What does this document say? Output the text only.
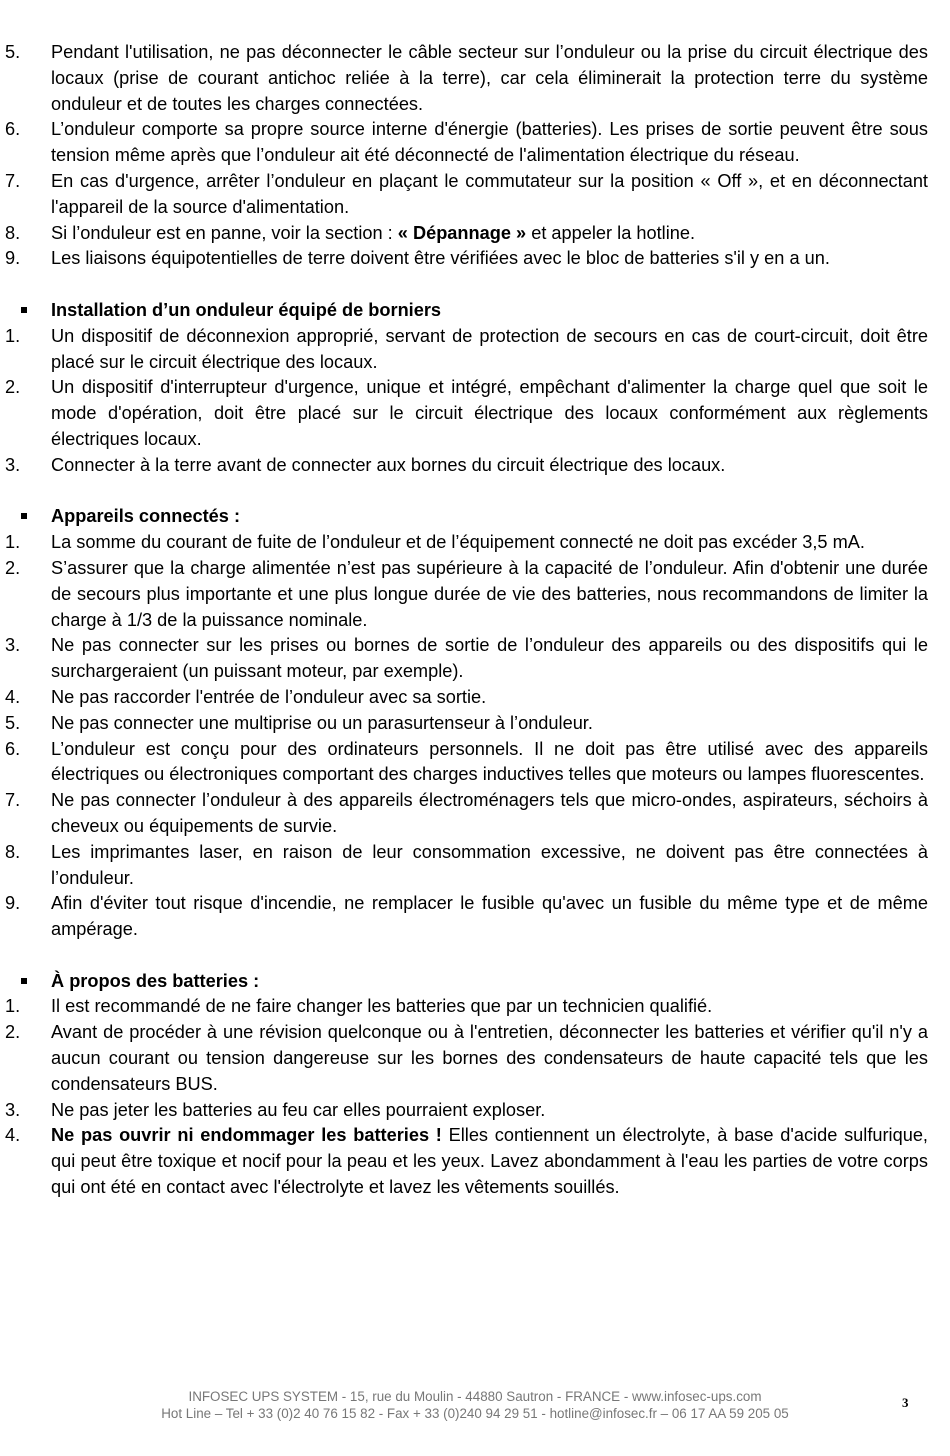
5. Pendant l'utilisation, ne pas déconnecter le câble secteur sur l’onduleur ou la prise du circuit électrique des locaux (prise de courant antichoc reliée à la terre), car cela éliminerait la protection terre du système onduleur et de toutes les charges connectées.
6. L’onduleur comporte sa propre source interne d'énergie (batteries). Les prises de sortie peuvent être sous tension même après que l’onduleur ait été déconnecté de l'alimentation électrique du réseau.
7. En cas d'urgence, arrêter l’onduleur en plaçant le commutateur sur la position « Off », et en déconnectant l'appareil de la source d'alimentation.
8. Si l’onduleur est en panne, voir la section : « Dépannage » et appeler la hotline.
9. Les liaisons équipotentielles de terre doivent être vérifiées avec le bloc de batteries s'il y en a un.
Installation d’un onduleur équipé de borniers
1. Un dispositif de déconnexion approprié, servant de protection de secours en cas de court-circuit, doit être placé sur le circuit électrique des locaux.
2. Un dispositif d'interrupteur d'urgence, unique et intégré, empêchant d'alimenter la charge quel que soit le mode d'opération, doit être placé sur le circuit électrique des locaux conformément aux règlements électriques locaux.
3. Connecter à la terre avant de connecter aux bornes du circuit électrique des locaux.
Appareils connectés :
1. La somme du courant de fuite de l’onduleur et de l’équipement connecté ne doit pas excéder 3,5 mA.
2. S’assurer que la charge alimentée n’est pas supérieure à la capacité de l’onduleur. Afin d'obtenir une durée de secours plus importante et une plus longue durée de vie des batteries, nous recommandons de limiter la charge à 1/3 de la puissance nominale.
3. Ne pas connecter sur les prises ou bornes de sortie de l’onduleur des appareils ou des dispositifs qui le surchargeraient (un puissant moteur, par exemple).
4. Ne pas raccorder l'entrée de l’onduleur avec sa sortie.
5. Ne pas connecter une multiprise ou un parasurtenseur à l’onduleur.
6. L’onduleur est conçu pour des ordinateurs personnels. Il ne doit pas être utilisé avec des appareils électriques ou électroniques comportant des charges inductives telles que moteurs ou lampes fluorescentes.
7. Ne pas connecter l’onduleur à des appareils électroménagers tels que micro-ondes, aspirateurs, séchoirs à cheveux ou équipements de survie.
8. Les imprimantes laser, en raison de leur consommation excessive, ne doivent pas être connectées à l’onduleur.
9. Afin d'éviter tout risque d'incendie, ne remplacer le fusible qu'avec un fusible du même type et de même ampérage.
À propos des batteries :
1. Il est recommandé de ne faire changer les batteries que par un technicien qualifié.
2. Avant de procéder à une révision quelconque ou à l'entretien, déconnecter les batteries et vérifier qu'il n'y a aucun courant ou tension dangereuse sur les bornes des condensateurs de haute capacité tels que les condensateurs BUS.
3. Ne pas jeter les batteries au feu car elles pourraient exploser.
4. Ne pas ouvrir ni endommager les batteries ! Elles contiennent un électrolyte, à base d'acide sulfurique, qui peut être toxique et nocif pour la peau et les yeux. Lavez abondamment à l'eau les parties de votre corps qui ont été en contact avec l'électrolyte et lavez les vêtements souillés.
INFOSEC UPS SYSTEM - 15, rue du Moulin - 44880 Sautron - FRANCE - www.infosec-ups.com
Hot Line – Tel + 33 (0)2 40 76 15 82 - Fax + 33 (0)240 94 29 51 - hotline@infosec.fr – 06 17 AA 59 205 05
3
